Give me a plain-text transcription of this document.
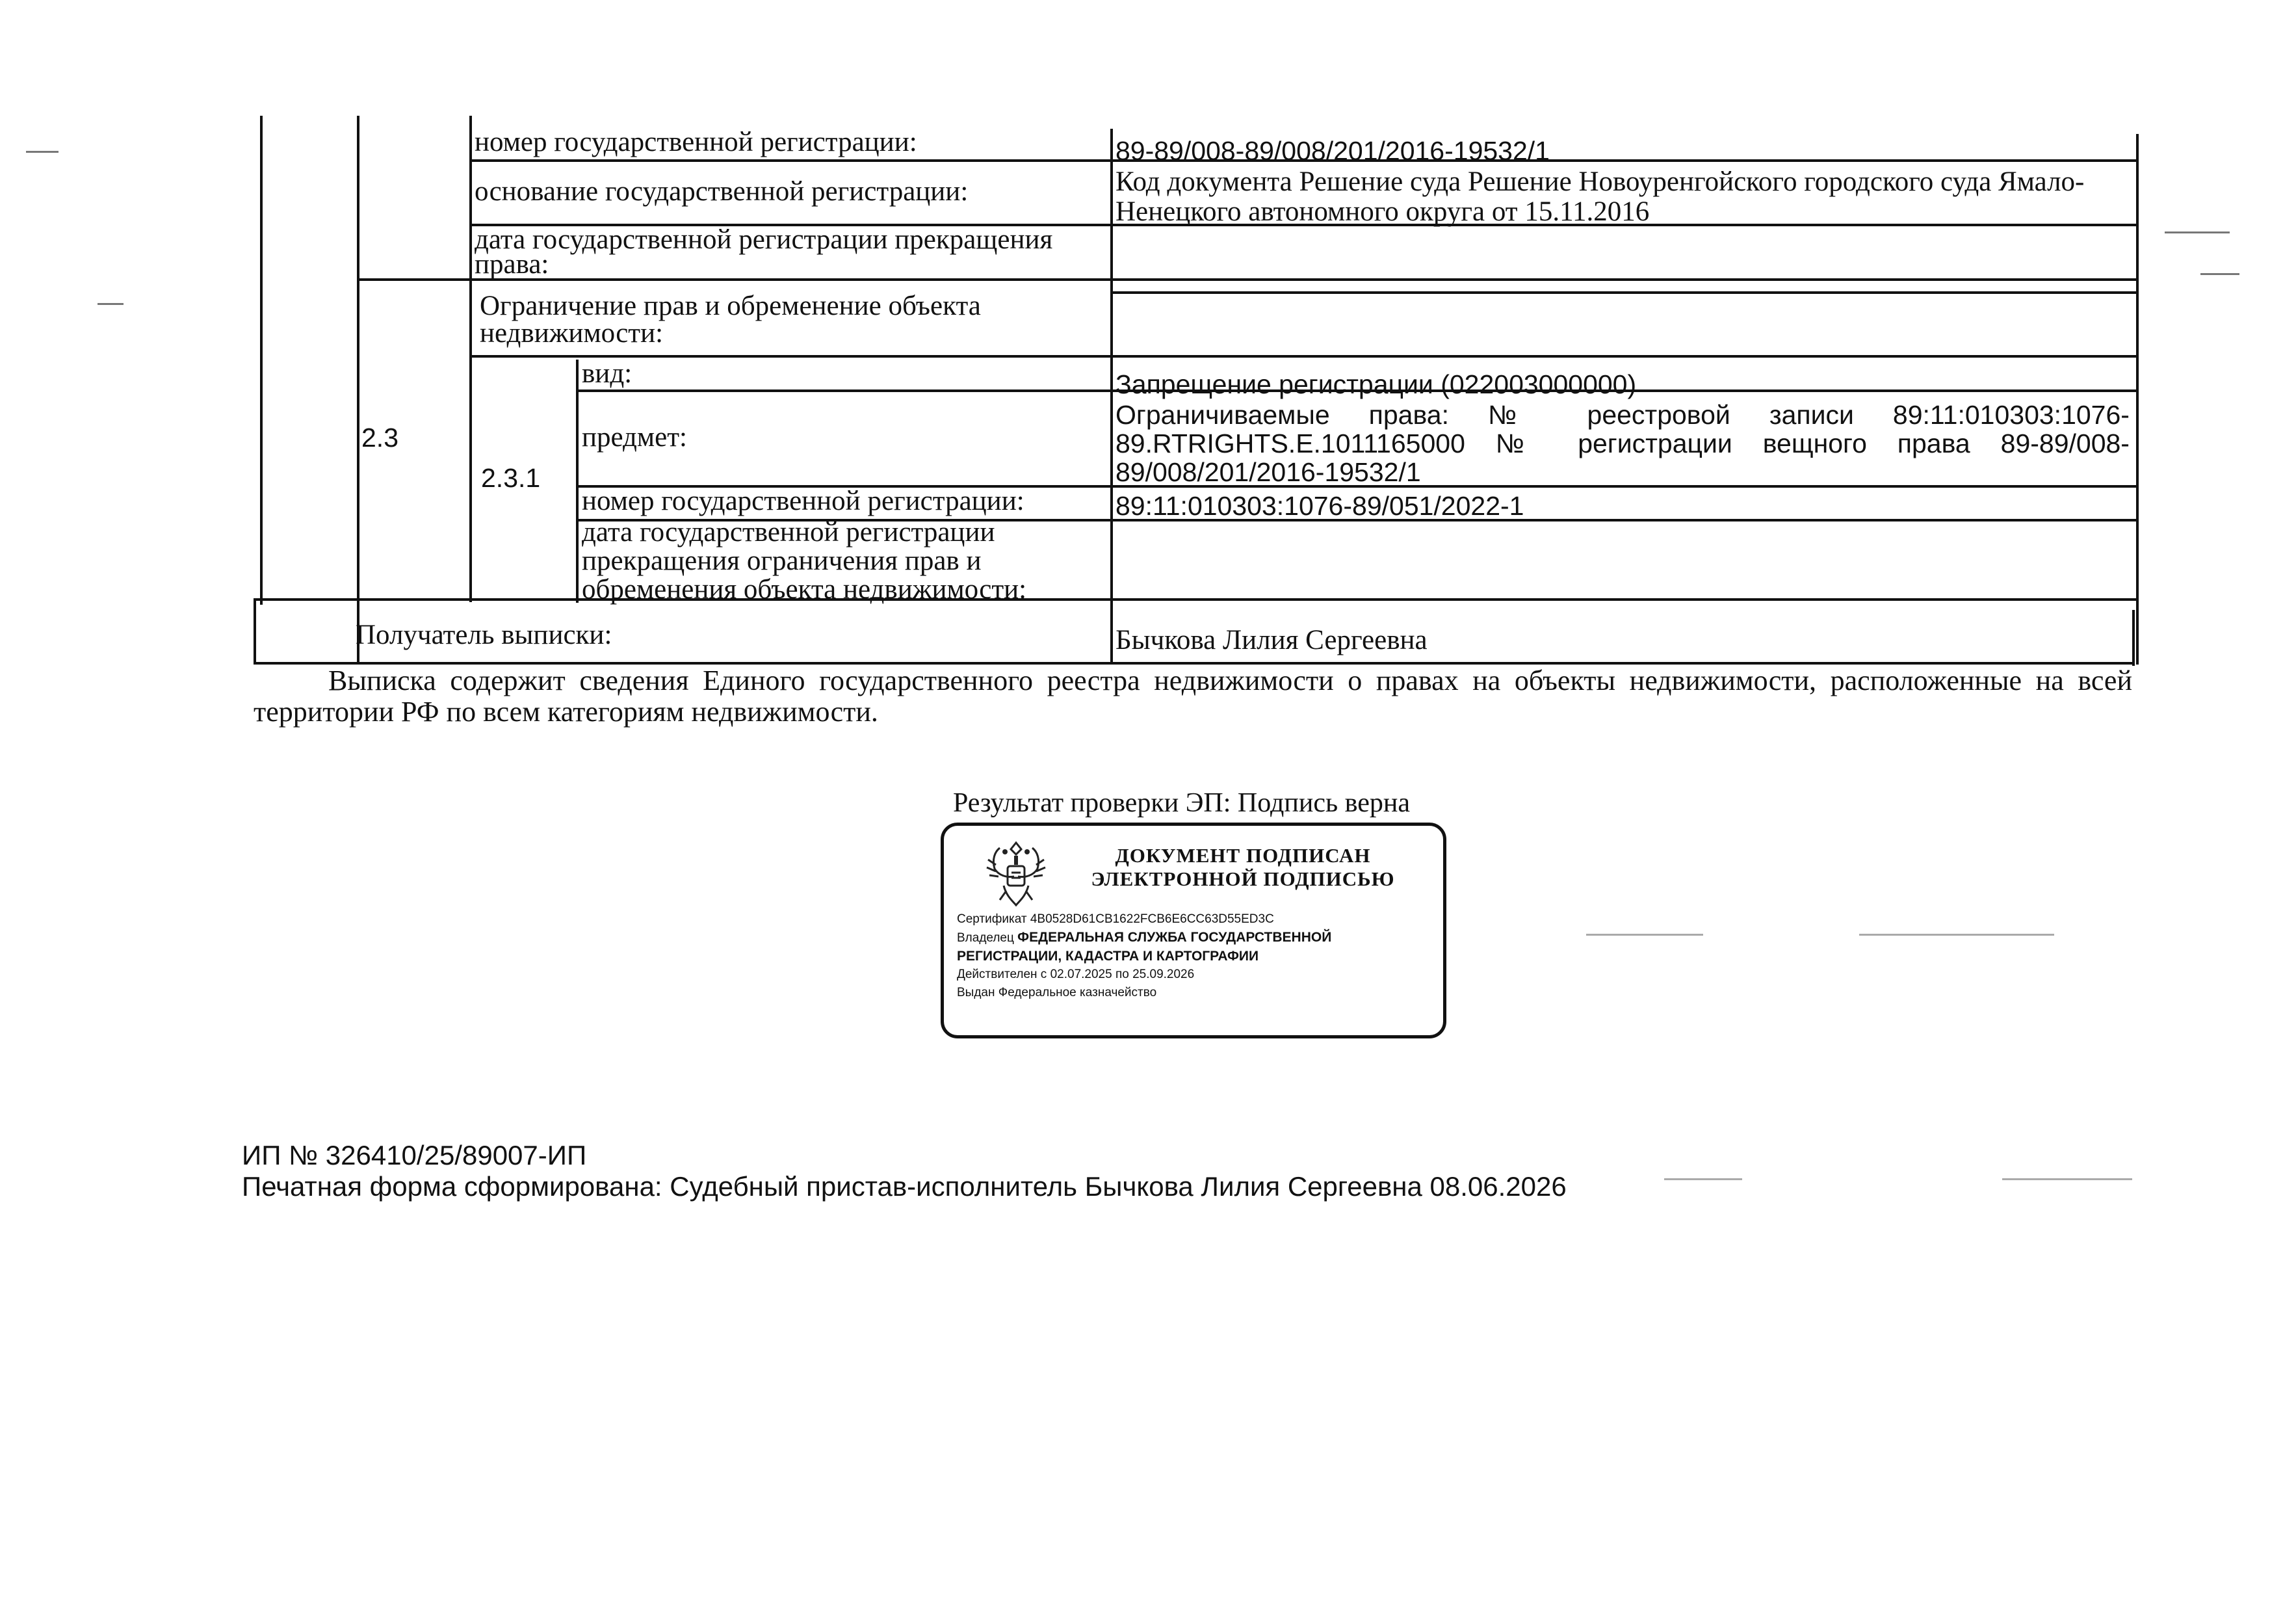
номер государственной регистрации:	89-89/008-89/008/201/2016-19532/1
основание государственной регистрации:	Код документа Решение суда Решение Новоуренгойского городского суда Ямало-
Ненецкого автономного округа от 15.11.2016
дата государственной регистрации прекращения
права:
2.3
Ограничение прав и обременение объекта
недвижимости:
2.3.1
вид:	Запрещение регистрации (022003000000)
предмет:
Ограничиваемые права: № реестровой записи 89:11:010303:1076-
89.RTRIGHTS.E.1011165000 № регистрации вещного права 89-89/008-
89/008/201/2016-19532/1
номер государственной регистрации:	89:11:010303:1076-89/051/2022-1
дата государственной регистрации
прекращения ограничения прав и
обременения объекта недвижимости:
Получатель выписки:	Бычкова Лилия Сергеевна
Выписка содержит сведения Единого государственного реестра недвижимости о правах на объекты недвижимости, расположенные на всей территории РФ по всем категориям недвижимости.
Результат проверки ЭП: Подпись верна
ДОКУМЕНТ ПОДПИСАН
ЭЛЕКТРОННОЙ ПОДПИСЬЮ
Сертификат 4B0528D61CB1622FCB6E6CC63D55ED3C
Владелец ФЕДЕРАЛЬНАЯ СЛУЖБА ГОСУДАРСТВЕННОЙ
РЕГИСТРАЦИИ, КАДАСТРА И КАРТОГРАФИИ
Действителен с 02.07.2025 по 25.09.2026
Выдан Федеральное казначейство
ИП № 326410/25/89007-ИП
Печатная форма сформирована: Судебный пристав-исполнитель Бычкова Лилия Сергеевна 08.06.2026
